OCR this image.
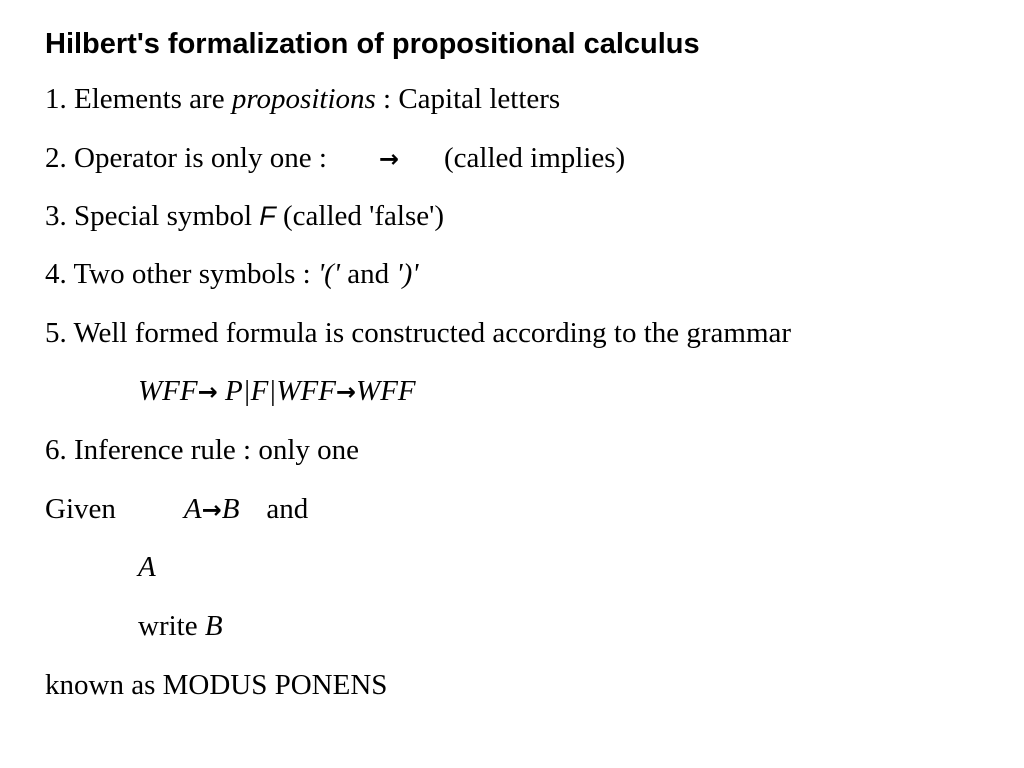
Hilbert's formalization of propositional calculus
1. Elements are propositions : Capital letters
2. Operator is only one : → (called implies)
3. Special symbol F (called 'false')
4. Two other symbols : '(' and ')'
5. Well formed formula is constructed according to the grammar
WFF→ P|F|WFF→WFF
6. Inference rule : only one
Given A→B and
A
write B
known as MODUS PONENS
